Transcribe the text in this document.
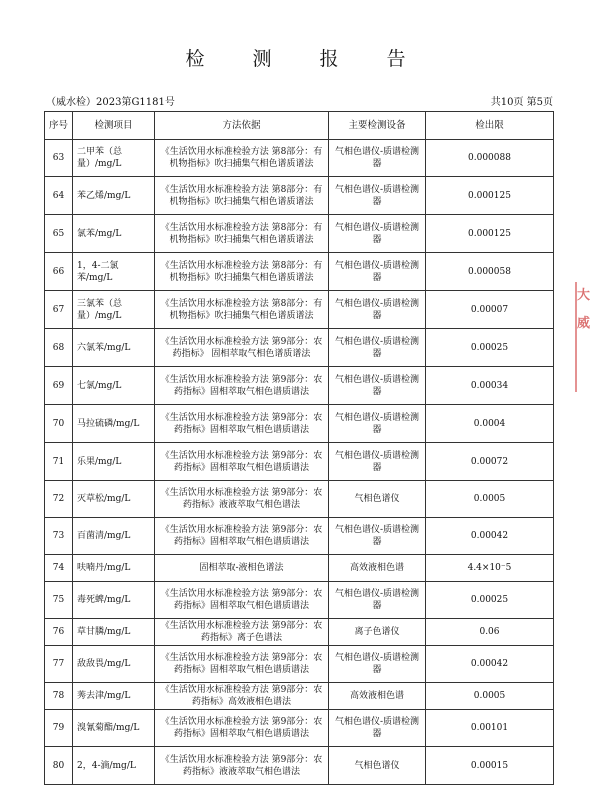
检测报告
（威水检）2023第G1181号	共10页 第5页
序号	检测项目	方法依据	主要检测设备	检出限
63	二甲苯（总量）/mg/L	《生活饮用水标准检验方法 第8部分：有机物指标》吹扫捕集气相色谱质谱法	气相色谱仪-质谱检测器	0.000088
64	苯乙烯/mg/L	《生活饮用水标准检验方法 第8部分：有机物指标》吹扫捕集气相色谱质谱法	气相色谱仪-质谱检测器	0.000125
65	氯苯/mg/L	《生活饮用水标准检验方法 第8部分：有机物指标》吹扫捕集气相色谱质谱法	气相色谱仪-质谱检测器	0.000125
66	1，4-二氯苯/mg/L	《生活饮用水标准检验方法 第8部分：有机物指标》吹扫捕集气相色谱质谱法	气相色谱仪-质谱检测器	0.000058
67	三氯苯（总量）/mg/L	《生活饮用水标准检验方法 第8部分：有机物指标》吹扫捕集气相色谱质谱法	气相色谱仪-质谱检测器	0.00007
68	六氯苯/mg/L	《生活饮用水标准检验方法 第9部分：农药指标》 固相萃取气相色谱质谱法	气相色谱仪-质谱检测器	0.00025
69	七氯/mg/L	《生活饮用水标准检验方法 第9部分：农药指标》固相萃取气相色谱质谱法	气相色谱仪-质谱检测器	0.00034
70	马拉硫磷/mg/L	《生活饮用水标准检验方法 第9部分：农药指标》固相萃取气相色谱质谱法	气相色谱仪-质谱检测器	0.0004
71	乐果/mg/L	《生活饮用水标准检验方法 第9部分：农药指标》固相萃取气相色谱质谱法	气相色谱仪-质谱检测器	0.00072
72	灭草松/mg/L	《生活饮用水标准检验方法 第9部分：农药指标》液液萃取气相色谱法	气相色谱仪	0.0005
73	百菌清/mg/L	《生活饮用水标准检验方法 第9部分：农药指标》固相萃取气相色谱质谱法	气相色谱仪-质谱检测器	0.00042
74	呋喃丹/mg/L	固相萃取-液相色谱法	高效液相色谱	4.4×10⁻5
75	毒死蜱/mg/L	《生活饮用水标准检验方法 第9部分：农药指标》固相萃取气相色谱质谱法	气相色谱仪-质谱检测器	0.00025
76	草甘膦/mg/L	《生活饮用水标准检验方法 第9部分：农药指标》离子色谱法	离子色谱仪	0.06
77	敌敌畏/mg/L	《生活饮用水标准检验方法 第9部分：农药指标》固相萃取气相色谱质谱法	气相色谱仪-质谱检测器	0.00042
78	莠去津/mg/L	《生活饮用水标准检验方法 第9部分：农药指标》高效液相色谱法	高效液相色谱	0.0005
79	溴氰菊酯/mg/L	《生活饮用水标准检验方法 第9部分：农药指标》固相萃取气相色谱质谱法	气相色谱仪-质谱检测器	0.00101
80	2，4-滴/mg/L	《生活饮用水标准检验方法 第9部分：农药指标》液液萃取气相色谱法	气相色谱仪	0.00015
大
威
